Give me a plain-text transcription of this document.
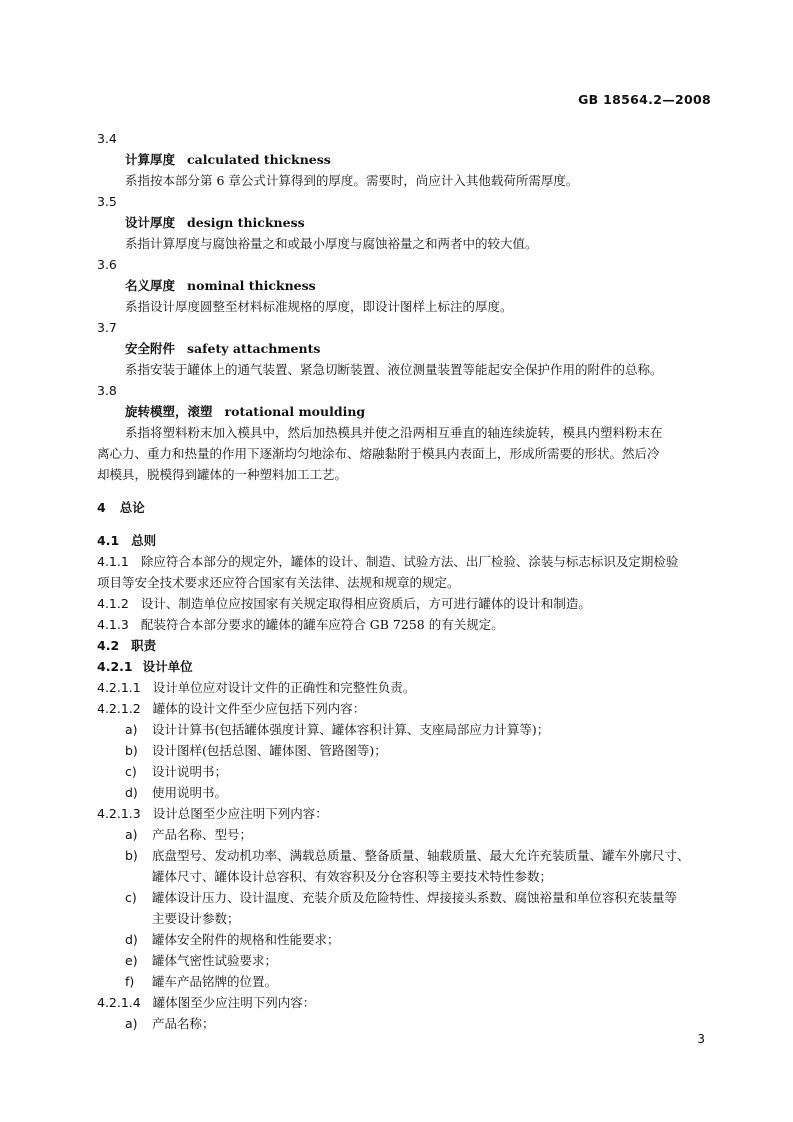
GB 18564.2—2008
3.4
计算厚度 calculated thickness
系指按本部分第 6 章公式计算得到的厚度。需要时，尚应计入其他载荷所需厚度。
3.5
设计厚度 design thickness
系指计算厚度与腐蚀裕量之和或最小厚度与腐蚀裕量之和两者中的较大值。
3.6
名义厚度 nominal thickness
系指设计厚度圆整至材料标准规格的厚度，即设计图样上标注的厚度。
3.7
安全附件 safety attachments
系指安装于罐体上的通气装置、紧急切断装置、液位测量装置等能起安全保护作用的附件的总称。
3.8
旋转模塑，滚塑 rotational moulding
系指将塑料粉末加入模具中，然后加热模具并使之沿两相互垂直的轴连续旋转，模具内塑料粉末在
离心力、重力和热量的作用下逐渐均匀地涂布、熔融黏附于模具内表面上，形成所需要的形状。然后冷
却模具，脱模得到罐体的一种塑料加工工艺。
4 总论
4.1 总则
4.1.1 除应符合本部分的规定外，罐体的设计、制造、试验方法、出厂检验、涂装与标志标识及定期检验
项目等安全技术要求还应符合国家有关法律、法规和规章的规定。
4.1.2 设计、制造单位应按国家有关规定取得相应资质后，方可进行罐体的设计和制造。
4.1.3 配装符合本部分要求的罐体的罐车应符合 GB 7258 的有关规定。
4.2 职责
4.2.1 设计单位
4.2.1.1 设计单位应对设计文件的正确性和完整性负责。
4.2.1.2 罐体的设计文件至少应包括下列内容：
a) 设计计算书(包括罐体强度计算、罐体容积计算、支座局部应力计算等)；
b) 设计图样(包括总图、罐体图、管路图等)；
c) 设计说明书；
d) 使用说明书。
4.2.1.3 设计总图至少应注明下列内容：
a) 产品名称、型号；
b) 底盘型号、发动机功率、满载总质量、整备质量、轴载质量、最大允许充装质量、罐车外廓尺寸、
罐体尺寸、罐体设计总容积、有效容积及分仓容积等主要技术特性参数；
c) 罐体设计压力、设计温度、充装介质及危险特性、焊接接头系数、腐蚀裕量和单位容积充装量等
主要设计参数；
d) 罐体安全附件的规格和性能要求；
e) 罐体气密性试验要求；
f) 罐车产品铭牌的位置。
4.2.1.4 罐体图至少应注明下列内容：
a) 产品名称；
3
